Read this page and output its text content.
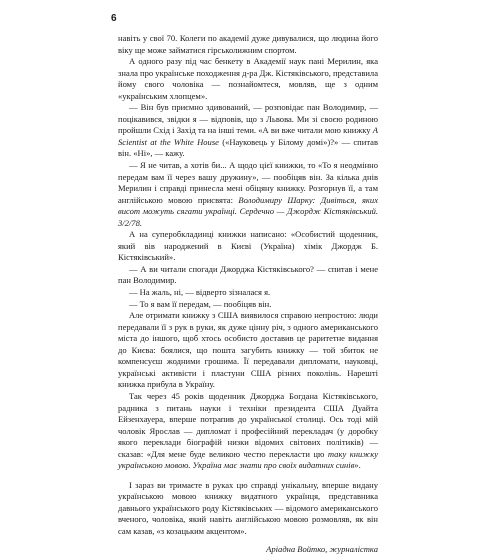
6

навіть у свої 70. Колеги по академії дуже дивувалися, що людина його віку ще може займатися гірськолижним спортом.

А одного разу під час бенкету в Академії наук пані Мерилин, яка знала про українське походження д-ра Дж. Кістяківського, представила йому свого чоловіка — познайомтеся, мовляв, ще з одним «українським хлопцем».

— Він був приємно здивований, — розповідає пан Володимир, — поцікавився, звідки я — відповів, що з Львова. Ми зі своєю родиною пройшли Схід і Захід та на інші теми. «А ви вже читали мою книжку A Scientist at the White House («Науковець у Білому домі»)?» — спитав він. «Ні», — кажу.

— Я не читав, а хотів би... А щодо цієї книжки, то «То я неодмінно передам вам її через вашу дружину», — пообіцяв він. За кілька днів Мерилин і справді принесла мені обіцяну книжку. Розгорнув її, а там англійською мовою присвята: Володимиру Шарку: Дивіться, яких висот можуть сягати українці. Сердечно — Джордж Кістяківський. 3/2/78.

А на суперобкладинці книжки написано: «Особистий щоденник, який вів народжений в Києві (Україна) хімік Джордж Б. Кістяківський».

— А ви читали спогади Джорджа Кістяківського? — спитав і мене пан Володимир.

— На жаль, ні, — відверто зізналася я.

— То я вам її передам, — пообіцяв він.

Але отримати книжку з США виявилося справою непростою: люди передавали її з рук в руки, як дуже цінну річ, з одного американського міста до іншого, щоб хтось особисто доставив це раритетне видання до Києва: боялися, що пошта загубить книжку — той збиток не компенсуєш жодними грошима. Її передавали дипломати, науковці, українські активісти і пластуни США різних поколінь. Нарешті книжка прибула в Україну.

Так через 45 років щоденник Джорджа Богдана Кістяківського, радника з питань науки і техніки президента США Дуайта Ейзенхауера, вперше потрапив до української столиці. Ось тоді мій чоловік Ярослав — дипломат і професійний перекладач (у доробку якого переклади біографій низки відомих світових політиків) — сказав: «Для мене буде великою честю перекласти цю таку книжку українською мовою. Україна має знати про своїх видатних синів».

І зараз ви тримаєте в руках цю справді унікальну, вперше видану українською мовою книжку видатного українця, представника давнього українського роду Кістяківських — відомого американського вченого, чоловіка, який навіть англійською мовою розмовляв, як він сам казав, «з козацьким акцентом».

Аріадна Войтко, журналістка
